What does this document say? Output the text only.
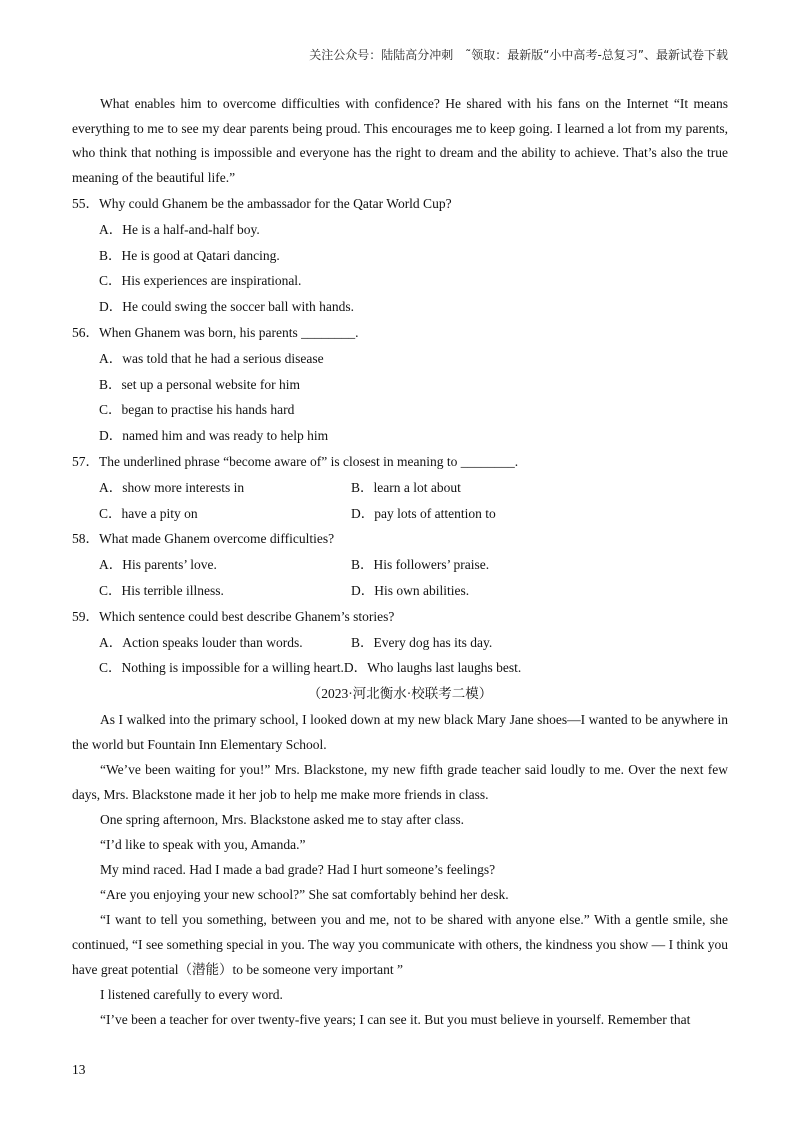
关注公众号：陆陆高分冲刺　˜领取：最新版“小中高考-总复习”、最新试卷下载

What enables him to overcome difficulties with confidence? He shared with his fans on the Internet “It means everything to me to see my dear parents being proud. This encourages me to keep going. I learned a lot from my parents, who think that nothing is impossible and everyone has the right to dream and the ability to achieve. That’s also the true meaning of the beautiful life.”

55．Why could Ghanem be the ambassador for the Qatar World Cup?
A．He is a half-and-half boy.
B．He is good at Qatari dancing.
C．His experiences are inspirational.
D．He could swing the soccer ball with hands.
56．When Ghanem was born, his parents ________.
A．was told that he had a serious disease
B．set up a personal website for him
C．began to practise his hands hard
D．named him and was ready to help him
57．The underlined phrase “become aware of” is closest in meaning to ________.
A．show more interests in	B．learn a lot about
C．have a pity on	D．pay lots of attention to
58．What made Ghanem overcome difficulties?
A．His parents’ love.	B．His followers’ praise.
C．His terrible illness.	D．His own abilities.
59．Which sentence could best describe Ghanem’s stories?
A．Action speaks louder than words.	B．Every dog has its day.
C．Nothing is impossible for a willing heart. D．Who laughs last laughs best.
（2023·河北衡水·校联考二模）

As I walked into the primary school, I looked down at my new black Mary Jane shoes—I wanted to be anywhere in the world but Fountain Inn Elementary School.

“We’ve been waiting for you!” Mrs. Blackstone, my new fifth grade teacher said loudly to me. Over the next few days, Mrs. Blackstone made it her job to help me make more friends in class.

One spring afternoon, Mrs. Blackstone asked me to stay after class.

“I’d like to speak with you, Amanda.”

My mind raced. Had I made a bad grade? Had I hurt someone’s feelings?

“Are you enjoying your new school?” She sat comfortably behind her desk.

“I want to tell you something, between you and me, not to be shared with anyone else.” With a gentle smile, she continued, “I see something special in you. The way you communicate with others, the kindness you show — I think you have great potential（潜能）to be someone very important ”

I listened carefully to every word.

“I’ve been a teacher for over twenty-five years; I can see it. But you must believe in yourself. Remember that

13
